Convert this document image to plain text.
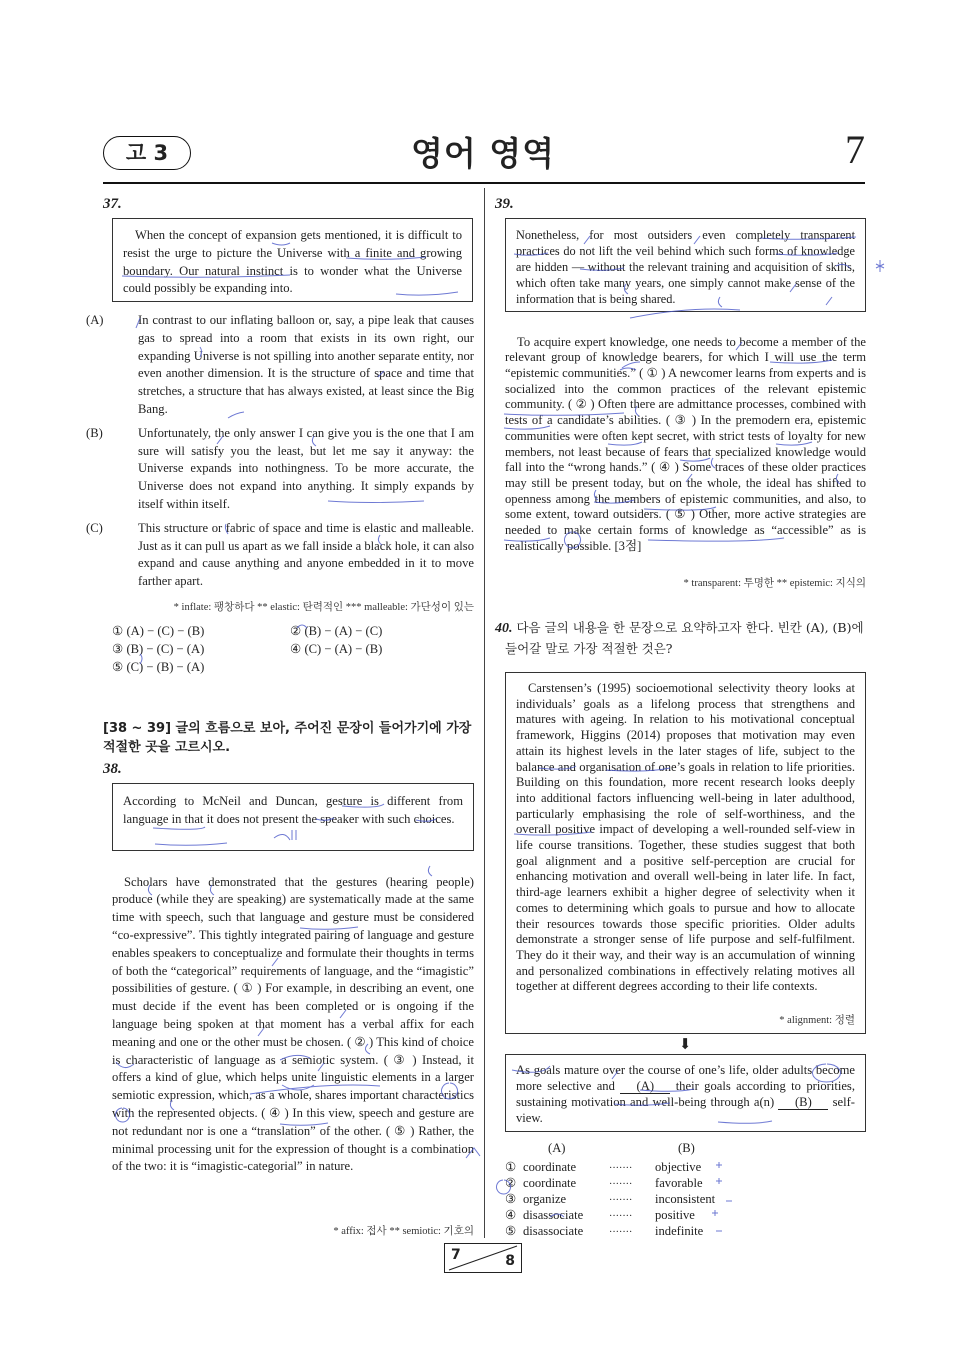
고 3	영어 영역	7
37.

When the concept of expansion gets mentioned, it is difficult to resist the urge to picture the Universe with a finite and growing boundary. Our natural instinct is to wonder what the Universe could possibly be expanding into.

(A)	In contrast to our inflating balloon or, say, a pipe leak that causes gas to spread into a room that exists in its own right, our expanding Universe is not spilling into another separate entity, nor even another dimension. It is the structure of space and time that stretches, a structure that has always existed, at least since the Big Bang.

(B)	Unfortunately, the only answer I can give you is the one that I am sure will satisfy you the least, but let me say it anyway: the Universe expands into nothingness. To be more accurate, the Universe does not expand into anything. It simply expands by itself within itself.

(C)	This structure or fabric of space and time is elastic and malleable. Just as it can pull us apart as we fall inside a black hole, it can also expand and cause anything and anyone embedded in it to move farther apart.

* inflate: 팽창하다 ** elastic: 탄력적인 *** malleable: 가단성이 있는
① (A) − (C) − (B)	② (B) − (A) − (C)
③ (B) − (C) − (A)	④ (C) − (A) − (B)
⑤ (C) − (B) − (A)
[38 ~ 39] 글의 흐름으로 보아, 주어진 문장이 들어가기에 가장 적절한 곳을 고르시오.
38.

According to McNeil and Duncan, gesture is different from language in that it does not present the speaker with such choices.

Scholars have demonstrated that the gestures (hearing people) produce (while they are speaking) are systematically made at the same time with speech, such that language and gesture must be considered “co-expressive”. This tightly integrated pairing of language and gesture enables speakers to conceptualize and formulate their thoughts in terms of both the “categorical” requirements of language, and the “imagistic” possibilities of gesture. ( ① ) For example, in describing an event, one must decide if the event has been completed or is ongoing if the language being spoken at that moment has a verbal affix for each meaning and one or the other must be chosen. ( ② ) This kind of choice is characteristic of language as a semiotic system. ( ③ ) Instead, it offers a kind of glue, which helps unite linguistic elements in a larger semiotic expression, which, as a whole, shares important characteristics with the represented objects. ( ④ ) In this view, speech and gesture are not redundant nor is one a “translation” of the other. ( ⑤ ) Rather, the minimal processing unit for the expression of thought is a combination of the two: it is “imagistic-categorial” in nature.

* affix: 접사 ** semiotic: 기호의
39.

Nonetheless, for most outsiders even completely transparent practices do not lift the veil behind which such forms of knowledge are hidden — without the relevant training and acquisition of skills, which often take many years, one simply cannot make sense of the information that is being shared.

To acquire expert knowledge, one needs to become a member of the relevant group of knowledge bearers, for which I will use the term “epistemic communities.” ( ① ) A newcomer learns from experts and is socialized into the common practices of the relevant epistemic community. ( ② ) Often there are admittance processes, combined with tests of a candidate’s abilities. ( ③ ) In the premodern era, epistemic communities were often kept secret, with strict tests of loyalty for new members, not least because of fears that specialized knowledge would fall into the “wrong hands.” ( ④ ) Some traces of these older practices may still be present today, but on the whole, the ideal has shifted to openness among the members of epistemic communities, and also, to some extent, toward outsiders. ( ⑤ ) Other, more active strategies are needed to make certain forms of knowledge as “accessible” as is realistically possible. [3점]

* transparent: 투명한 ** epistemic: 지식의

40. 다음 글의 내용을 한 문장으로 요약하고자 한다. 빈칸 (A), (B)에 들어갈 말로 가장 적절한 것은?

Carstensen’s (1995) socioemotional selectivity theory looks at individuals’ goals as a lifelong process that strengthens and matures with ageing. In relation to his motivational conceptual framework, Higgins (2014) proposes that motivation may even attain its highest levels in the later stages of life, subject to the balance and organisation of one’s goals in relation to life priorities. Building on this foundation, more recent research looks deeply into additional factors influencing well-being in later adulthood, particularly emphasising the role of self-worthiness, and the overall positive impact of developing a well-rounded self-view in life course transitions. Together, these studies suggest that both goal alignment and a positive self-perception are crucial for enhancing motivation and overall well-being in later life. In fact, third-age learners exhibit a higher degree of selectivity when it comes to determining which goals to pursue and how to allocate their resources towards those specific priorities. Older adults demonstrate a stronger sense of life purpose and self-fulfilment. They do it their way, and their way is an accumulation of winning and personalized combinations in effectively relating motives all together at different degrees according to their life contexts.

* alignment: 정렬
⬇

As goals mature over the course of one’s life, older adults become more selective and (A) their goals according to priorities, sustaining motivation and well-being through a(n) (B) self-view.

(A)	(B)
① coordinate	······· objective
② coordinate	······· favorable
③ organize	······· inconsistent
④ disassociate	······· positive
⑤ disassociate	······· indefinite
7	8
